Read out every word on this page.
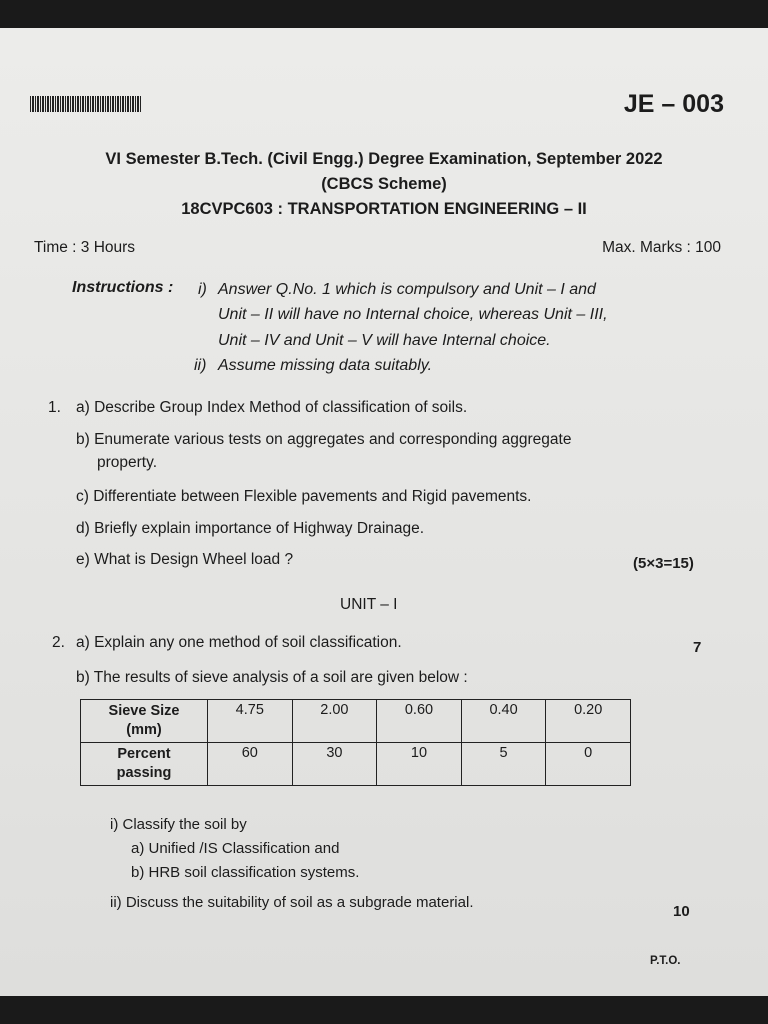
JE – 003
VI Semester B.Tech. (Civil Engg.) Degree Examination, September 2022
(CBCS Scheme)
18CVPC603 : TRANSPORTATION ENGINEERING – II
Time : 3 Hours	Max. Marks : 100
Instructions : i) Answer Q.No. 1 which is compulsory and Unit – I and
Unit – II will have no Internal choice, whereas Unit – III,
Unit – IV and Unit – V will have Internal choice.
ii) Assume missing data suitably.
1. a) Describe Group Index Method of classification of soils.
b) Enumerate various tests on aggregates and corresponding aggregate
property.
c) Differentiate between Flexible pavements and Rigid pavements.
d) Briefly explain importance of Highway Drainage.
e) What is Design Wheel load ?	(5×3=15)
UNIT – I
2. a) Explain any one method of soil classification.	7
b) The results of sieve analysis of a soil are given below :
Sieve Size
(mm)	4.75	2.00	0.60	0.40	0.20
Percent
passing	60	30	10	5	0
i) Classify the soil by
a) Unified /IS Classification and
b) HRB soil classification systems.
ii) Discuss the suitability of soil as a subgrade material.
10
P.T.O.
